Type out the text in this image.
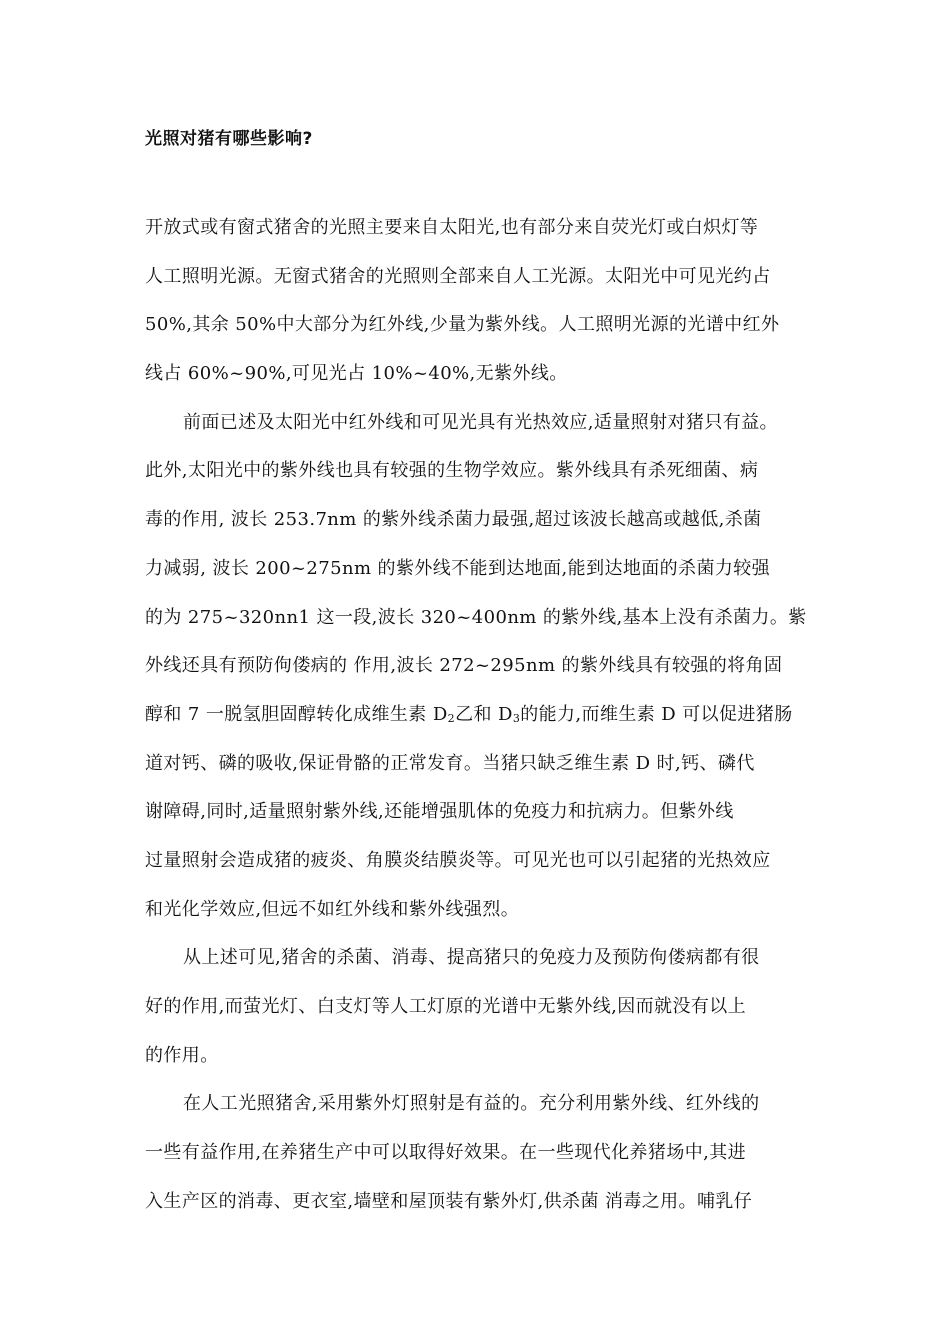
光照对猪有哪些影响?
开放式或有窗式猪舍的光照主要来自太阳光,也有部分来自荧光灯或白炽灯等
人工照明光源。无窗式猪舍的光照则全部来自人工光源。太阳光中可见光约占
50%,其余 50%中大部分为红外线,少量为紫外线。人工照明光源的光谱中红外
线占 60%~90%,可见光占 10%~40%,无紫外线。
前面已述及太阳光中红外线和可见光具有光热效应,适量照射对猪只有益。
此外,太阳光中的紫外线也具有较强的生物学效应。紫外线具有杀死细菌、病
毒的作用, 波长 253.7nm 的紫外线杀菌力最强,超过该波长越高或越低,杀菌
力减弱, 波长 200~275nm 的紫外线不能到达地面,能到达地面的杀菌力较强
的为 275~320nn1 这一段,波长 320~400nm 的紫外线,基本上没有杀菌力。紫
外线还具有预防佝偻病的 作用,波长 272~295nm 的紫外线具有较强的将角固
醇和 7 一脱氢胆固醇转化成维生素 $D_2$乙和 $D_3$的能力,而维生素 D 可以促进猪肠
道对钙、磷的吸收,保证骨骼的正常发育。当猪只缺乏维生素 D 时,钙、磷代
谢障碍,同时,适量照射紫外线,还能增强肌体的免疫力和抗病力。但紫外线
过量照射会造成猪的疲炎、角膜炎结膜炎等。可见光也可以引起猪的光热效应
和光化学效应,但远不如红外线和紫外线强烈。
从上述可见,猪舍的杀菌、消毒、提高猪只的免疫力及预防佝偻病都有很
好的作用,而萤光灯、白支灯等人工灯原的光谱中无紫外线,因而就没有以上
的作用。
在人工光照猪舍,采用紫外灯照射是有益的。充分利用紫外线、红外线的
一些有益作用,在养猪生产中可以取得好效果。在一些现代化养猪场中,其进
入生产区的消毒、更衣室,墙壁和屋顶装有紫外灯,供杀菌 消毒之用。哺乳仔
